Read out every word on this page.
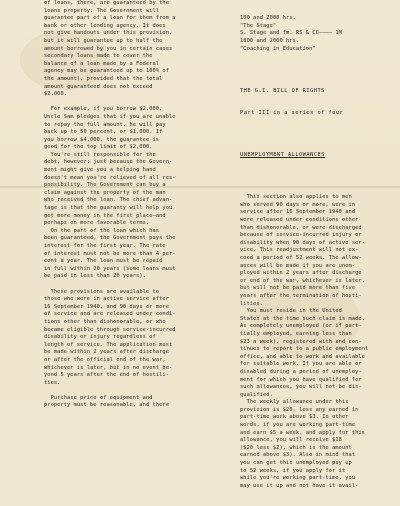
of loans, there, are guaranteed by the
loans property. The Government will
guarantee part of a loan for them from a
bank or other lending agency. It does
not give handouts under this provision,
but it will guarantee up to half the
amount borrowed by you in certain cases
secondary loans made to cover the
balance of a loan made by a Federal
agency may be guaranteed up to 100% of
the amount), provided that the total
amount guaranteed does not exceed
$2,000.
For example, if you borrow $2,000,
Uncle Sam pledges that if you are unable
to repay the full amount, he will pay
back up to 50 percent, or $1,000. If
you borrow $4,000, the guarantee is
good for the top limit of $2,000.
You're still responsible for the
debt, however; just because the Govern-
ment might give you a helping hand
doesn't mean you're relieved of all res-
ponsibility. The Government can buy a
claim against the property of the man
who received the loan. The chief advan-
tage is that the guaranty will help you
get more money in the first place—and
perhaps on more favorable terms.
On the part of the loan which has
been guaranteed, the Government pays the
interest for the first year. The rate
of interest must not be more than 4 per-
cent a year. The loan must be repaid
in full within 20 years (some loans must
be paid in less than 20 years).
These provisions are available to
those who were in active service after
16 September 1940, and 90 days or more
of service and are released under condi-
tions other than dishonorable, or who
became eligible through service-incurred
disability or injury regardless of
length of service. The application must
be made within 2 years after discharge
or after the official end of the war,
whichever is later, but in no event be-
yond 5 years after the end of hostili-
ties.
Purchase price of equipment and
property must be reasonable, and there

100 and 2000 hrs.
"The Stage"
S. Stage and fm. RS & CC———— 1M
1800 and 2000 hrs.
"Coaching in Education"

THE G.I. BILL OF RIGHTS

Part III in a series of four

UNEMPLOYMENT ALLOWANCES

This section also applies to men
who served 90 days or more, were in
service after 16 September 1940 and
were released under conditions other
than dishonorable, or were discharged
because of service-incurred injury or
disability when 90 days of active ser-
vice. This readjustment will not ex-
ceed a period of 52 weeks. The allow-
ances will be made if you are unem-
ployed within 2 years after discharge
or end of the war, whichever is later,
but will not be paid more than five
years after the termination of hosti-
lities.
You must reside in the United
States at the time such claim is made.
As completely unemployed (or if part-
tially employed, earning less than
$23 a week), registered with and con-
tinues to report to a public employment
office, and able to work and available
for suitable work. If you are able or
disabled during a period of unemploy-
ment for which you have qualified for
such allowances, you will not be dis-
qualified.
The weekly allowance under this
provision is $20, less any earned in
part-time work above $3. In other
words, if you are working part-time
and earn $5 a week, and apply for this
allowance, you will receive $18
($20 less $2), which is the amount
earned above $3). Also in mind that
you can get this unemployed pay up
to 52 weeks, if you apply for it
while you're working part-time, you
may use it up and not have it avail-
